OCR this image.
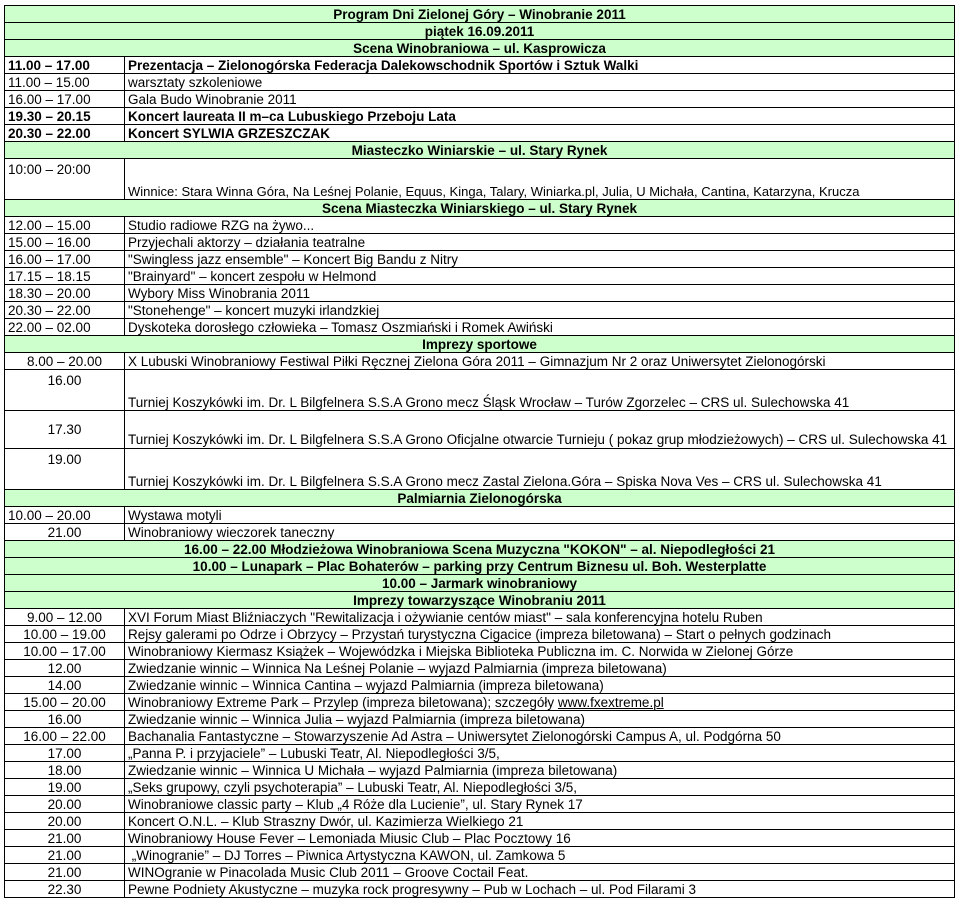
Program Dni Zielonej Góry – Winobranie 2011	
piątek 16.09.2011	
Scena Winobraniowa – ul. Kasprowicza	
11.00 – 17.00	Prezentacja – Zielonogórska Federacja Dalekowschodnik Sportów i Sztuk Walki
11.00 – 15.00	warsztaty szkoleniowe
16.00 – 17.00	Gala Budo Winobranie 2011
19.30 – 20.15	Koncert laureata II m–ca Lubuskiego Przeboju Lata
20.30 – 22.00	Koncert SYLWIA GRZESZCZAK
Miasteczko Winiarskie – ul. Stary Rynek	
10:00 – 20:00	Winnice: Stara Winna Góra, Na Leśnej Polanie, Equus, Kinga, Talary, Winiarka.pl, Julia, U Michała, Cantina, Katarzyna, Krucza
Scena Miasteczka Winiarskiego – ul. Stary Rynek	
12.00 – 15.00	Studio radiowe RZG na żywo...
15.00 – 16.00	Przyjechali aktorzy – działania teatralne
16.00 – 17.00	"Swingless jazz ensemble" – Koncert Big Bandu z Nitry
17.15 – 18.15	"Brainyard" – koncert zespołu w Helmond
18.30 – 20.00	Wybory Miss Winobrania 2011
20.30 – 22.00	"Stonehenge" – koncert muzyki irlandzkiej
22.00 – 02.00	Dyskoteka dorosłego człowieka – Tomasz Oszmiański i Romek Awiński
Imprezy sportowe	
8.00 – 20.00	X Lubuski Winobraniowy Festiwal Piłki Ręcznej Zielona Góra 2011 – Gimnazjum Nr 2 oraz Uniwersytet Zielonogórski
16.00	Turniej Koszykówki im. Dr. L Bilgfelnera S.S.A Grono mecz Śląsk Wrocław – Turów Zgorzelec – CRS ul. Sulechowska 41
17.30	Turniej Koszykówki im. Dr. L Bilgfelnera S.S.A Grono Oficjalne otwarcie Turnieju ( pokaz grup młodzieżowych) – CRS ul. Sulechowska 41
19.00	Turniej Koszykówki im. Dr. L Bilgfelnera S.S.A Grono mecz Zastal Zielona.Góra – Spiska Nova Ves – CRS ul. Sulechowska 41
Palmiarnia Zielonogórska	
10.00 – 20.00	Wystawa motyli
21.00	Winobraniowy wieczorek taneczny
16.00 – 22.00 Młodzieżowa Winobraniowa Scena Muzyczna "KOKON" – al. Niepodległości 21	
10.00 – Lunapark – Plac Bohaterów – parking przy Centrum Biznesu ul. Boh. Westerplatte	
10.00 – Jarmark winobraniowy	
Imprezy towarzyszące Winobraniu 2011	
9.00 – 12.00	XVI Forum Miast Bliźniaczych "Rewitalizacja i ożywianie centów miast" – sala konferencyjna hotelu Ruben
10.00 – 19.00	Rejsy galerami po Odrze i Obrzycy – Przystań turystyczna Cigacice (impreza biletowana) – Start o pełnych godzinach
10.00 – 17.00	Winobraniowy Kiermasz Książek – Wojewódzka i Miejska Biblioteka Publiczna im. C. Norwida w Zielonej Górze
12.00	Zwiedzanie winnic – Winnica Na Leśnej Polanie – wyjazd Palmiarnia (impreza biletowana)
14.00	Zwiedzanie winnic – Winnica Cantina – wyjazd Palmiarnia (impreza biletowana)
15.00 – 20.00	Winobraniowy Extreme Park – Przylep (impreza biletowana); szczegóły www.fxextreme.pl
16.00	Zwiedzanie winnic – Winnica Julia – wyjazd Palmiarnia (impreza biletowana)
16.00 – 22.00	Bachanalia Fantastyczne – Stowarzyszenie Ad Astra – Uniwersytet Zielonogórski Campus A, ul. Podgórna 50
17.00	„Panna P. i przyjaciele” – Lubuski Teatr, Al. Niepodległości 3/5,
18.00	Zwiedzanie winnic – Winnica U Michała – wyjazd Palmiarnia (impreza biletowana)
19.00	„Seks grupowy, czyli psychoterapia” – Lubuski Teatr, Al. Niepodległości 3/5,
20.00	Winobraniowe classic party – Klub „4 Róże dla Lucienie”, ul. Stary Rynek 17
20.00	Koncert O.N.L. – Klub Straszny Dwór, ul. Kazimierza Wielkiego 21
21.00	Winobraniowy House Fever – Lemoniada Miusic Club – Plac Pocztowy 16
21.00	„Winogranie” – DJ Torres – Piwnica Artystyczna KAWON, ul. Zamkowa 5
21.00	WINOgranie w Pinacolada Music Club 2011 – Groove Coctail Feat.
22.30	Pewne Podniety Akustyczne – muzyka rock progresywny – Pub w Lochach – ul. Pod Filarami 3
